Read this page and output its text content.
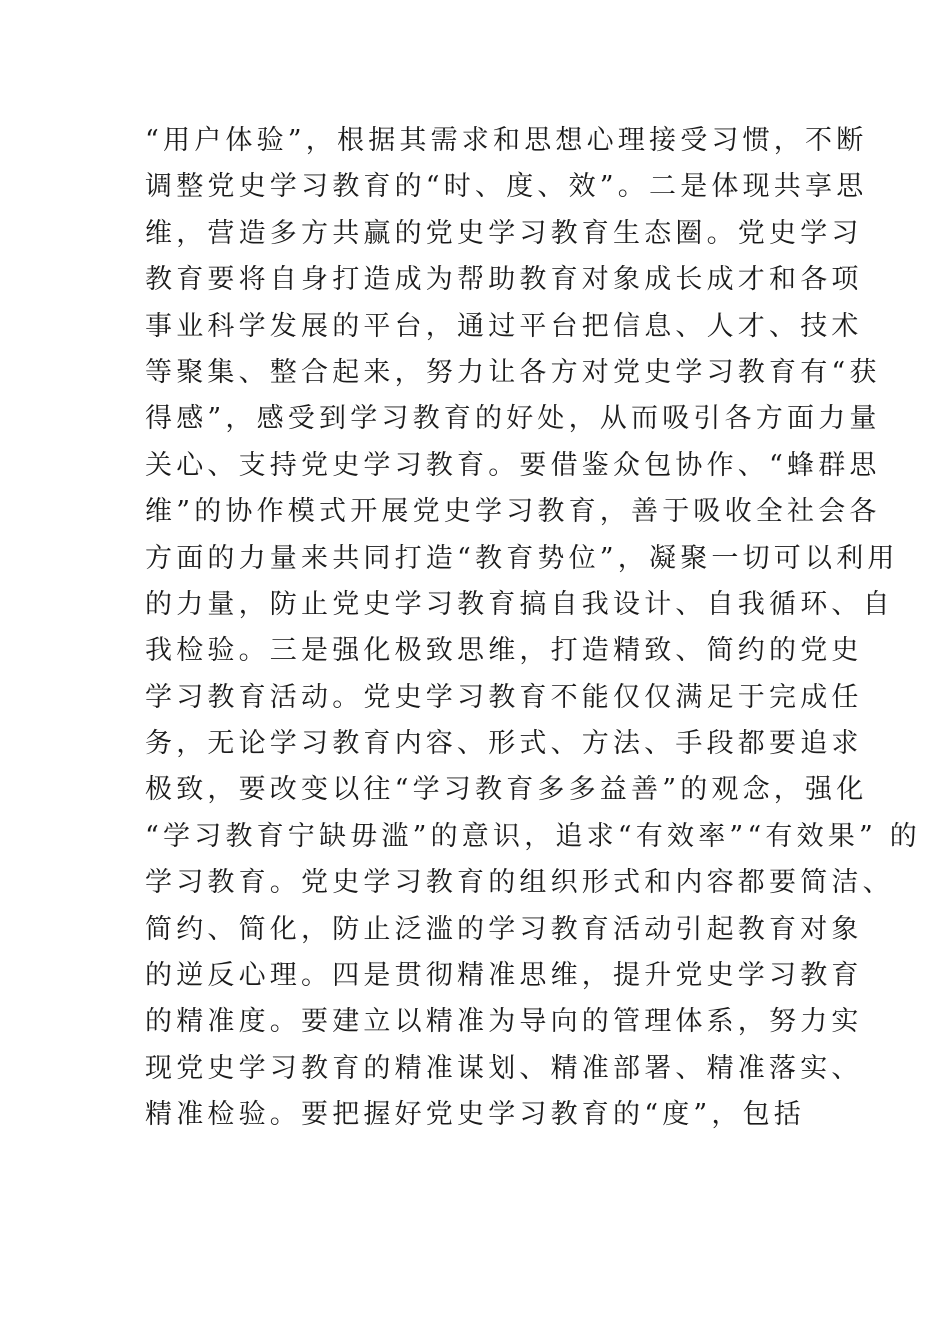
“用户体验”，根据其需求和思想心理接受习惯，不断
调整党史学习教育的“时、度、效”。二是体现共享思
维，营造多方共赢的党史学习教育生态圈。党史学习
教育要将自身打造成为帮助教育对象成长成才和各项
事业科学发展的平台，通过平台把信息、人才、技术
等聚集、整合起来，努力让各方对党史学习教育有“获
得感”，感受到学习教育的好处，从而吸引各方面力量
关心、支持党史学习教育。要借鉴众包协作、“蜂群思
维”的协作模式开展党史学习教育，善于吸收全社会各
方面的力量来共同打造“教育势位”，凝聚一切可以利用
的力量，防止党史学习教育搞自我设计、自我循环、自
我检验。三是强化极致思维，打造精致、简约的党史
学习教育活动。党史学习教育不能仅仅满足于完成任
务，无论学习教育内容、形式、方法、手段都要追求
极致，要改变以往“学习教育多多益善”的观念，强化
“学习教育宁缺毋滥”的意识，追求“有效率”“有效果” 的
学习教育。党史学习教育的组织形式和内容都要简洁、
简约、简化，防止泛滥的学习教育活动引起教育对象
的逆反心理。四是贯彻精准思维，提升党史学习教育
的精准度。要建立以精准为导向的管理体系，努力实
现党史学习教育的精准谋划、精准部署、精准落实、
精准检验。要把握好党史学习教育的“度”，包括
